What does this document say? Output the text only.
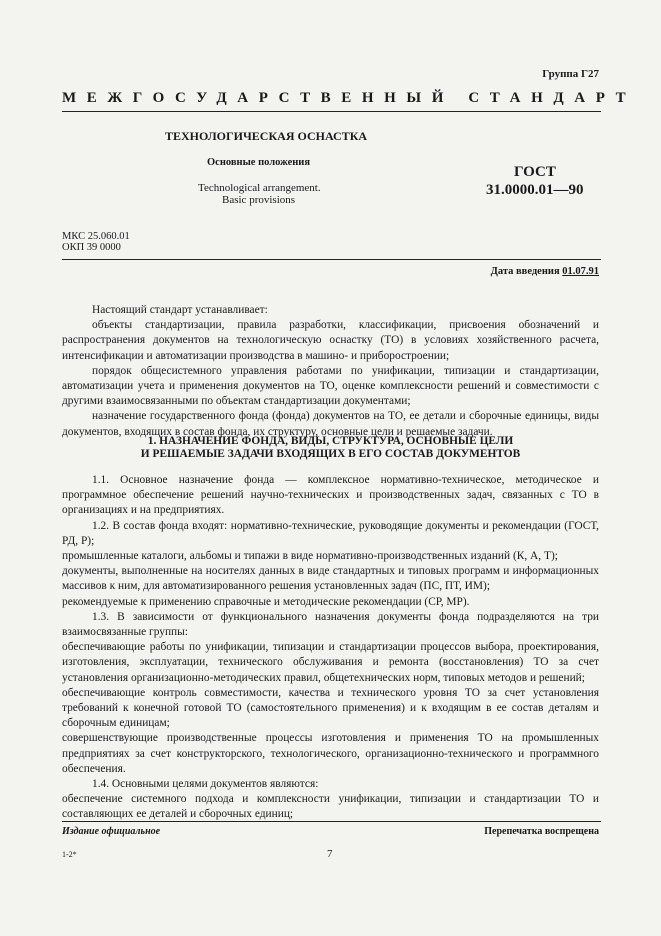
Группа Г27
МЕЖГОСУДАРСТВЕННЫЙ СТАНДАРТ
ТЕХНОЛОГИЧЕСКАЯ ОСНАСТКА
Основные положения
Technological arrangement.
Basic provisions
ГОСТ
31.0000.01—90
МКС 25.060.01
ОКП 39 0000
Дата введения 01.07.91

Настоящий стандарт устанавливает:

объекты стандартизации, правила разработки, классификации, присвоения обозначений и распространения документов на технологическую оснастку (ТО) в условиях хозяйственного расчета, интенсификации и автоматизации производства в машино- и приборостроении;

порядок общесистемного управления работами по унификации, типизации и стандартизации, автоматизации учета и применения документов на ТО, оценке комплексности решений и совместимости с другими взаимосвязанными по объектам стандартизации документами;

назначение государственного фонда (фонда) документов на ТО, ее детали и сборочные единицы, виды документов, входящих в состав фонда, их структуру, основные цели и решаемые задачи.

1. НАЗНАЧЕНИЕ ФОНДА, ВИДЫ, СТРУКТУРА, ОСНОВНЫЕ ЦЕЛИ

И РЕШАЕМЫЕ ЗАДАЧИ ВХОДЯЩИХ В ЕГО СОСТАВ ДОКУМЕНТОВ

1.1. Основное назначение фонда — комплексное нормативно-техническое, методическое и программное обеспечение решений научно-технических и производственных задач, связанных с ТО в организациях и на предприятиях.

1.2. В состав фонда входят: нормативно-технические, руководящие документы и рекомендации (ГОСТ, РД, Р);

промышленные каталоги, альбомы и типажи в виде нормативно-производственных изданий (К, А, Т);

документы, выполненные на носителях данных в виде стандартных и типовых программ и информационных массивов к ним, для автоматизированного решения установленных задач (ПС, ПТ, ИМ);

рекомендуемые к применению справочные и методические рекомендации (СР, МР).

1.3. В зависимости от функционального назначения документы фонда подразделяются на три взаимосвязанные группы:

обеспечивающие работы по унификации, типизации и стандартизации процессов выбора, проектирования, изготовления, эксплуатации, технического обслуживания и ремонта (восстановления) ТО за счет установления организационно-методических правил, общетехнических норм, типовых методов и решений;

обеспечивающие контроль совместимости, качества и технического уровня ТО за счет установления требований к конечной готовой ТО (самостоятельного применения) и к входящим в ее состав деталям и сборочным единицам;

совершенствующие производственные процессы изготовления и применения ТО на промышленных предприятиях за счет конструкторского, технологического, организационно-технического и программного обеспечения.

1.4. Основными целями документов являются:

обеспечение системного подхода и комплексности унификации, типизации и стандартизации ТО и составляющих ее деталей и сборочных единиц;

Издание официальное	Перепечатка воспрещена
1-2*	7
